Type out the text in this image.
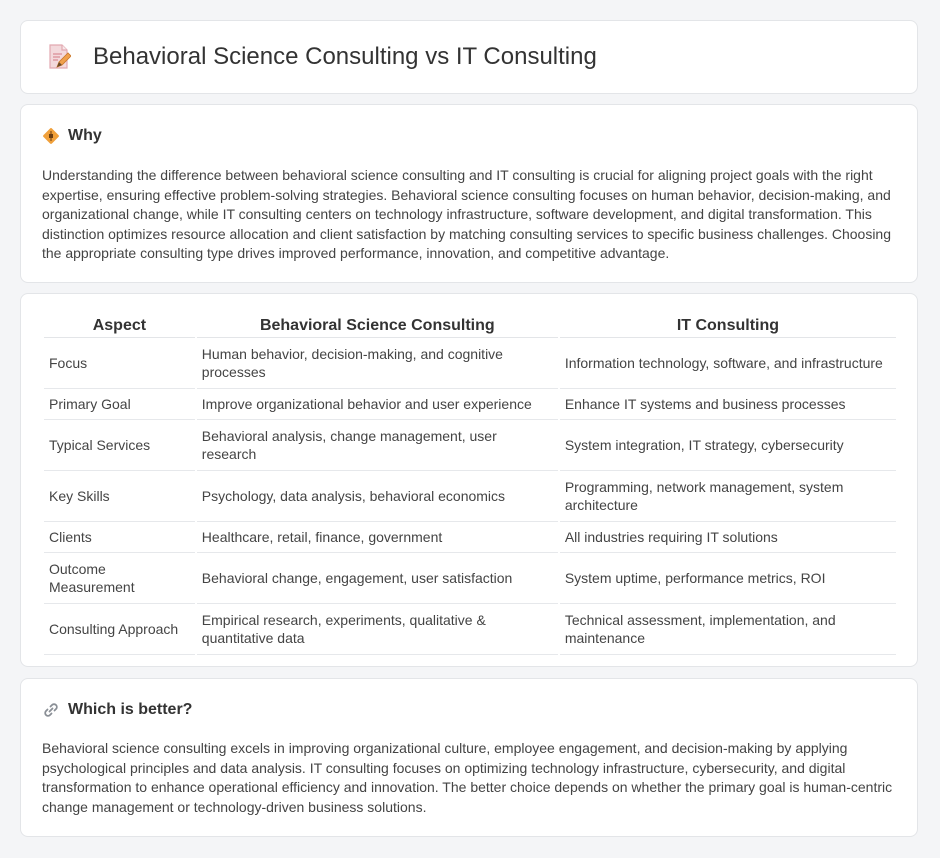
Behavioral Science Consulting vs IT Consulting
Why

Understanding the difference between behavioral science consulting and IT consulting is crucial for aligning project goals with the right expertise, ensuring effective problem-solving strategies. Behavioral science consulting focuses on human behavior, decision-making, and organizational change, while IT consulting centers on technology infrastructure, software development, and digital transformation. This distinction optimizes resource allocation and client satisfaction by matching consulting services to specific business challenges. Choosing the appropriate consulting type drives improved performance, innovation, and competitive advantage.

Aspect	Behavioral Science Consulting	IT Consulting
Focus	Human behavior, decision-making, and cognitive processes	Information technology, software, and infrastructure
Primary Goal	Improve organizational behavior and user experience	Enhance IT systems and business processes
Typical Services	Behavioral analysis, change management, user research	System integration, IT strategy, cybersecurity
Key Skills	Psychology, data analysis, behavioral economics	Programming, network management, system architecture
Clients	Healthcare, retail, finance, government	All industries requiring IT solutions
Outcome Measurement	Behavioral change, engagement, user satisfaction	System uptime, performance metrics, ROI
Consulting Approach	Empirical research, experiments, qualitative & quantitative data	Technical assessment, implementation, and maintenance
Which is better?

Behavioral science consulting excels in improving organizational culture, employee engagement, and decision-making by applying psychological principles and data analysis. IT consulting focuses on optimizing technology infrastructure, cybersecurity, and digital transformation to enhance operational efficiency and innovation. The better choice depends on whether the primary goal is human-centric change management or technology-driven business solutions.
